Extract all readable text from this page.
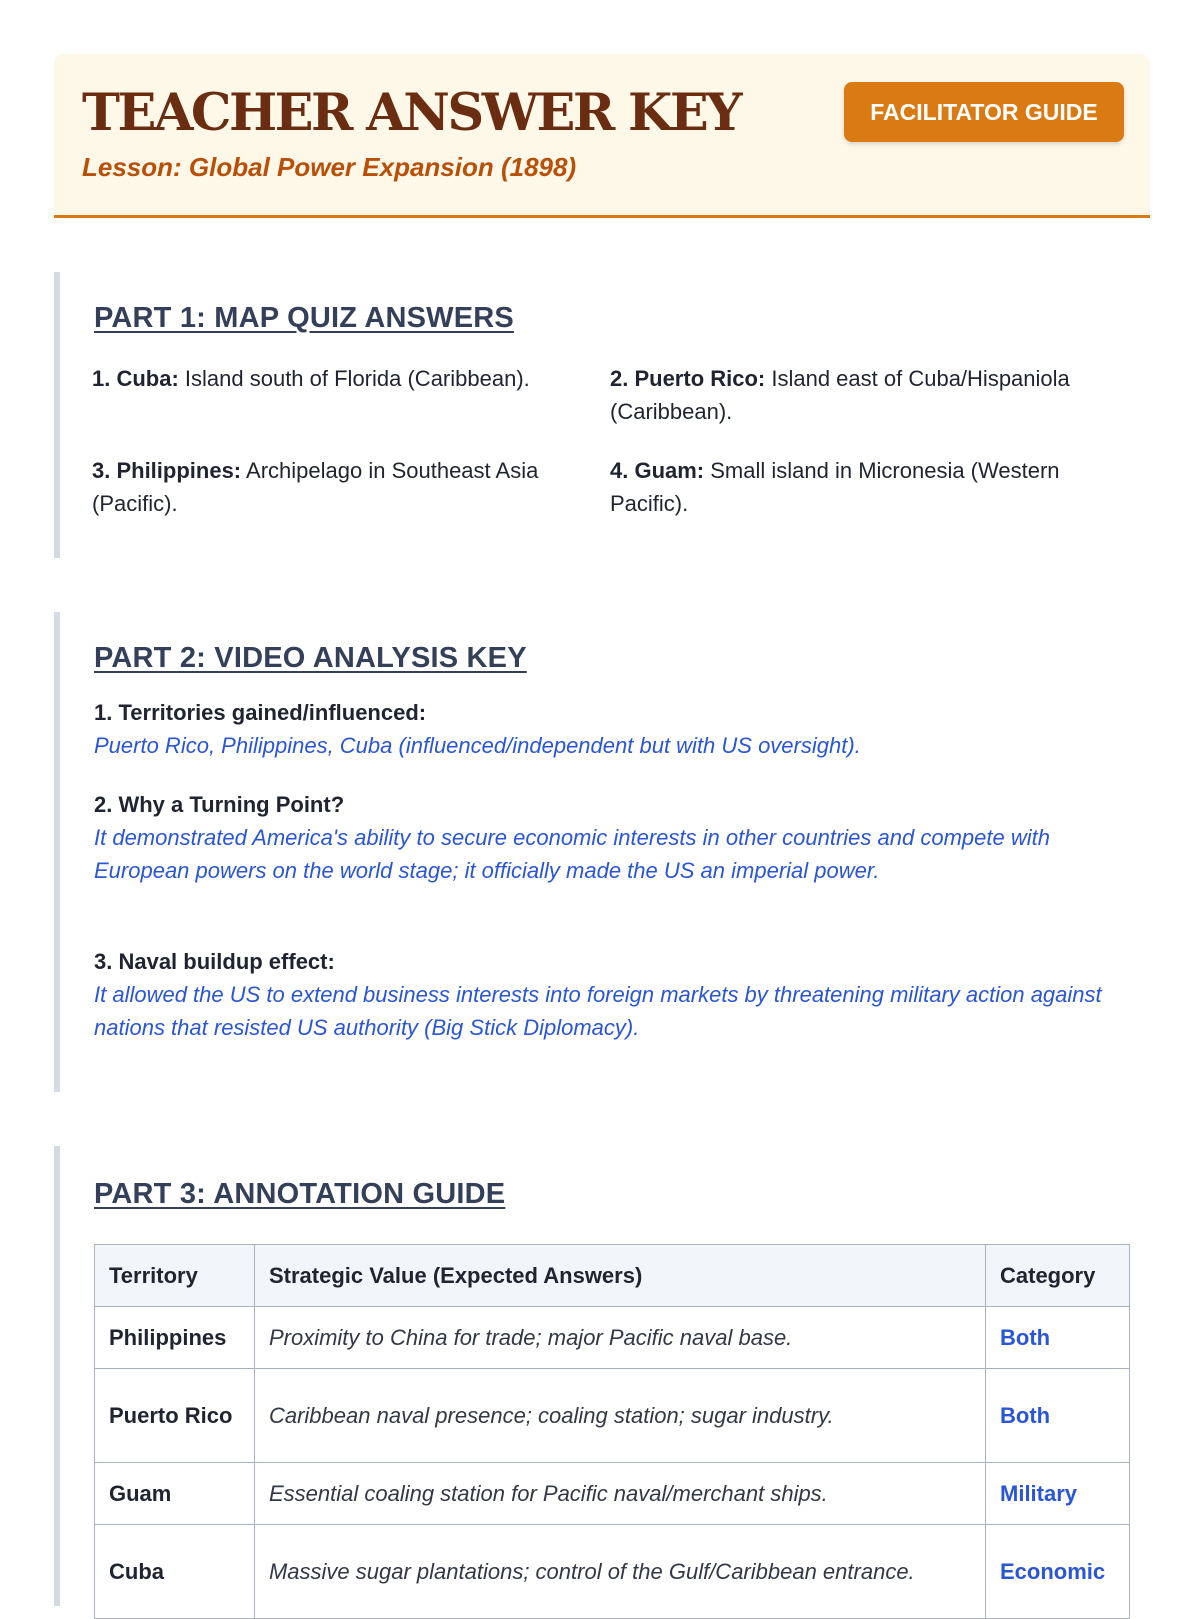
TEACHER ANSWER KEY
Lesson: Global Power Expansion (1898)
FACILITATOR GUIDE
PART 1: MAP QUIZ ANSWERS
1. Cuba: Island south of Florida (Caribbean).	2. Puerto Rico: Island east of Cuba/Hispaniola (Caribbean).
3. Philippines: Archipelago in Southeast Asia (Pacific).
4. Guam: Small island in Micronesia (Western Pacific).
PART 2: VIDEO ANALYSIS KEY
1. Territories gained/influenced:
Puerto Rico, Philippines, Cuba (influenced/independent but with US oversight).
2. Why a Turning Point?
It demonstrated America's ability to secure economic interests in other countries and compete with European powers on the world stage; it officially made the US an imperial power.
3. Naval buildup effect:
It allowed the US to extend business interests into foreign markets by threatening military action against nations that resisted US authority (Big Stick Diplomacy).
PART 3: ANNOTATION GUIDE
Territory	Strategic Value (Expected Answers)	Category
Philippines	Proximity to China for trade; major Pacific naval base.	Both
Puerto Rico	Caribbean naval presence; coaling station; sugar industry.	Both
Guam	Essential coaling station for Pacific naval/merchant ships.	Military
Cuba	Massive sugar plantations; control of the Gulf/Caribbean entrance.	Economic
